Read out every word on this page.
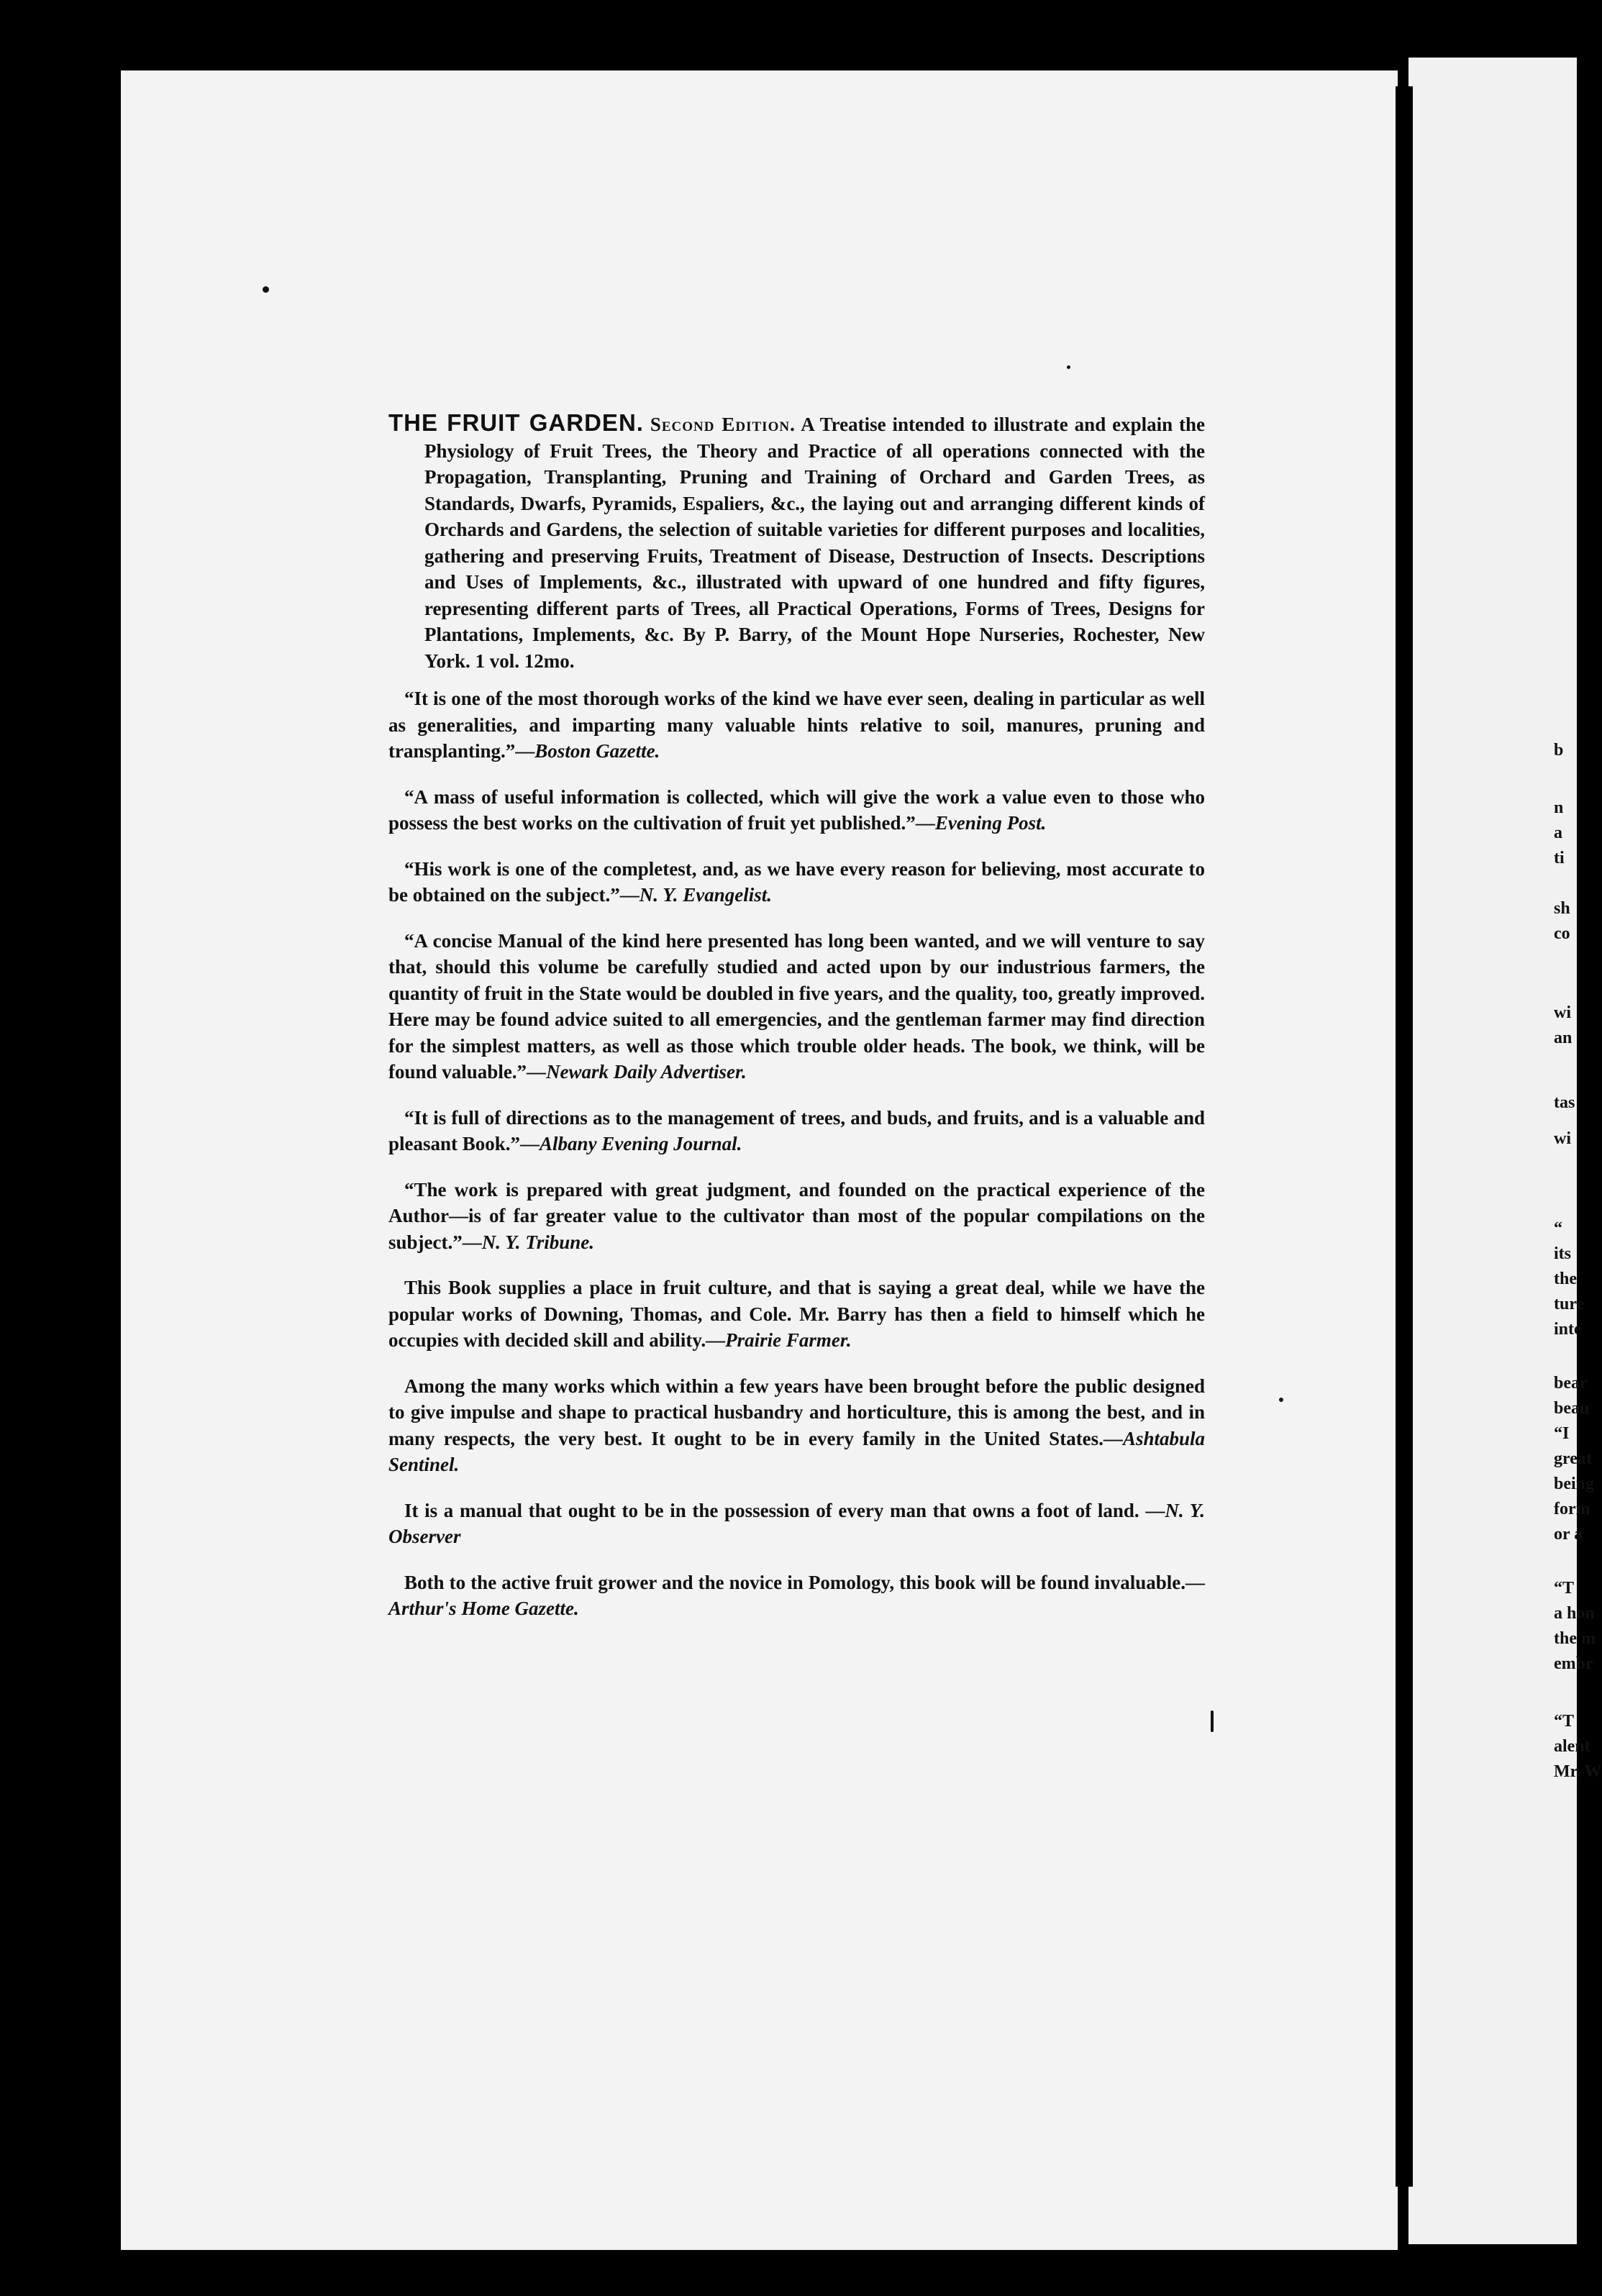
THE FRUIT GARDEN. Second Edition. A Treatise intended to illustrate and explain the Physiology of Fruit Trees, the Theory and Practice of all operations connected with the Propagation, Transplanting, Pruning and Training of Orchard and Garden Trees, as Standards, Dwarfs, Pyramids, Espaliers, &c., the laying out and arranging different kinds of Orchards and Gardens, the selection of suitable varieties for different purposes and localities, gathering and preserving Fruits, Treatment of Disease, Destruction of Insects. Descriptions and Uses of Implements, &c., illustrated with upward of one hundred and fifty figures, representing different parts of Trees, all Practical Operations, Forms of Trees, Designs for Plantations, Implements, &c. By P. Barry, of the Mount Hope Nurseries, Rochester, New York. 1 vol. 12mo.

“It is one of the most thorough works of the kind we have ever seen, dealing in particular as well as generalities, and imparting many valuable hints relative to soil, manures, pruning and transplanting.”—Boston Gazette.

“A mass of useful information is collected, which will give the work a value even to those who possess the best works on the cultivation of fruit yet published.”—Evening Post.

“His work is one of the completest, and, as we have every reason for believing, most accurate to be obtained on the subject.”—N. Y. Evangelist.

“A concise Manual of the kind here presented has long been wanted, and we will venture to say that, should this volume be carefully studied and acted upon by our industrious farmers, the quantity of fruit in the State would be doubled in five years, and the quality, too, greatly improved. Here may be found advice suited to all emergencies, and the gentleman farmer may find direction for the simplest matters, as well as those which trouble older heads. The book, we think, will be found valuable.”—Newark Daily Advertiser.

“It is full of directions as to the management of trees, and buds, and fruits, and is a valuable and pleasant Book.”—Albany Evening Journal.

“The work is prepared with great judgment, and founded on the practical experience of the Author—is of far greater value to the cultivator than most of the popular compilations on the subject.”—N. Y. Tribune.

This Book supplies a place in fruit culture, and that is saying a great deal, while we have the popular works of Downing, Thomas, and Cole. Mr. Barry has then a field to himself which he occupies with decided skill and ability.—Prairie Farmer.

Among the many works which within a few years have been brought before the public designed to give impulse and shape to practical husbandry and horticulture, this is among the best, and in many respects, the very best. It ought to be in every family in the United States.—Ashtabula Sentinel.

It is a manual that ought to be in the possession of every man that owns a foot of land. —N. Y. Observer

Both to the active fruit grower and the novice in Pomology, this book will be found invaluable.—Arthur's Home Gazette.

b
n
a
ti
sh
co
wi
an
tas
wi
“
its
the
ture
inte
bear
beau
“I
great
being
form
or a
“T
a hon
the m
embr
“T
alent
Mr. W
